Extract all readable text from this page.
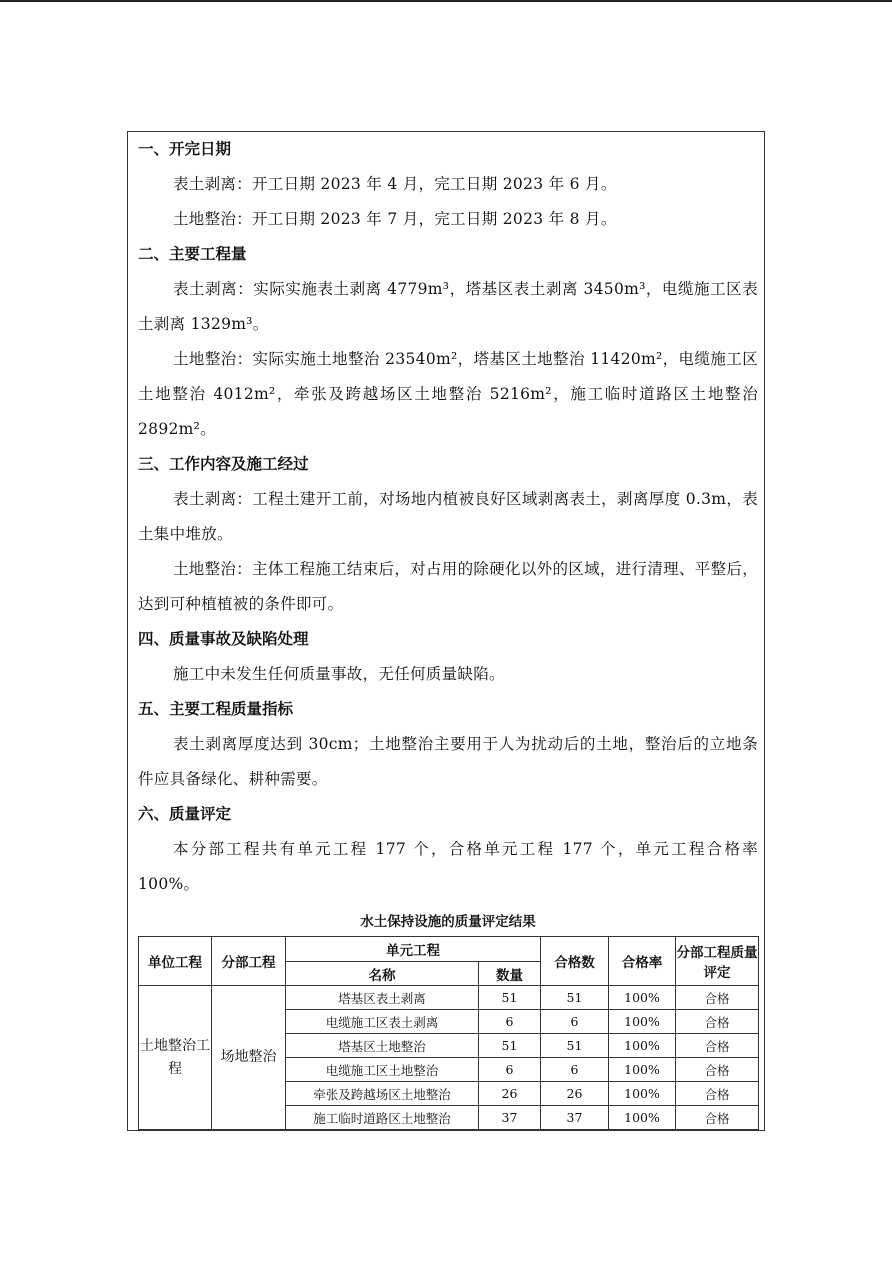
一、开完日期

表土剥离：开工日期 2023 年 4 月，完工日期 2023 年 6 月。

土地整治：开工日期 2023 年 7 月，完工日期 2023 年 8 月。

二、主要工程量

表土剥离：实际实施表土剥离 4779m³，塔基区表土剥离 3450m³，电缆施工区表土剥离 1329m³。

土地整治：实际实施土地整治 23540m²，塔基区土地整治 11420m²，电缆施工区土地整治 4012m²，牵张及跨越场区土地整治 5216m²，施工临时道路区土地整治 2892m²。

三、工作内容及施工经过

表土剥离：工程土建开工前，对场地内植被良好区域剥离表土，剥离厚度 0.3m，表土集中堆放。

土地整治：主体工程施工结束后，对占用的除硬化以外的区域，进行清理、平整后，达到可种植植被的条件即可。

四、质量事故及缺陷处理

施工中未发生任何质量事故，无任何质量缺陷。

五、主要工程质量指标

表土剥离厚度达到 30cm；土地整治主要用于人为扰动后的土地，整治后的立地条件应具备绿化、耕种需要。

六、质量评定

本分部工程共有单元工程 177 个，合格单元工程 177 个，单元工程合格率 100%。

水土保持设施的质量评定结果
单位工程	分部工程	单元工程		合格数	合格率	分部工程质量评定
		名称	数量			
土地整治工程	场地整治	塔基区表土剥离	51	51	100%	合格
		电缆施工区表土剥离	6	6	100%	合格
		塔基区土地整治	51	51	100%	合格
		电缆施工区土地整治	6	6	100%	合格
		牵张及跨越场区土地整治	26	26	100%	合格
		施工临时道路区土地整治	37	37	100%	合格
